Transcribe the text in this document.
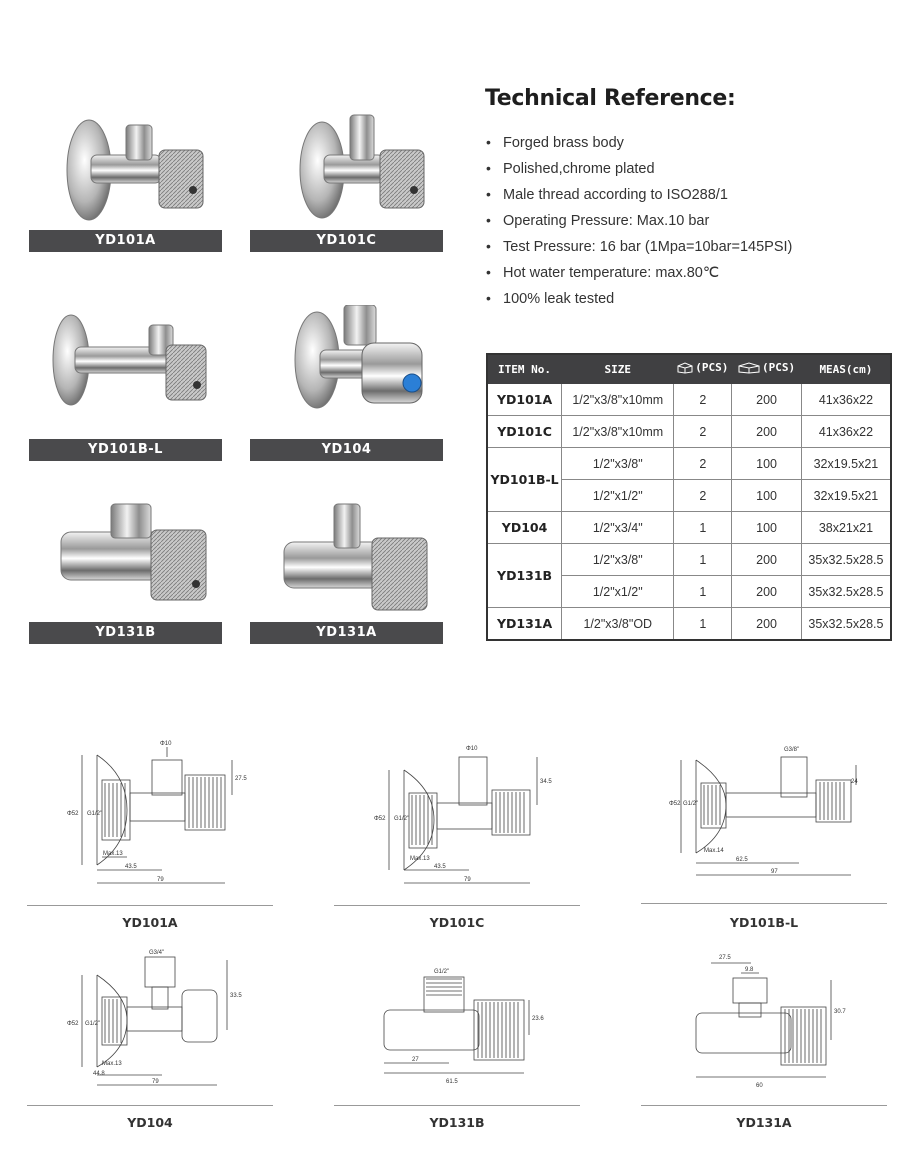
YD101A	YD101C
YD101B-L	YD104
YD131B	YD131A
Technical Reference:
• Forged brass body
• Polished,chrome plated
• Male thread according to ISO288/1
• Operating Pressure: Max.10 bar
• Test Pressure: 16 bar (1Mpa=10bar=145PSI)
• Hot water temperature: max.80℃
• 100% leak tested
ITEM No.	SIZE	(PCS)	(PCS)	MEAS(cm)
YD101A	1/2"x3/8"x10mm	2	200	41x36x22
YD101C	1/2"x3/8"x10mm	2	200	41x36x22
YD101B-L	1/2"x3/8"	2	100	32x19.5x21
	1/2"x1/2"	2	100	32x19.5x21
YD104	1/2"x3/4"	1	100	38x21x21
YD131B	1/2"x3/8"	1	200	35x32.5x28.5
	1/2"x1/2"	1	200	35x32.5x28.5
YD131A	1/2"x3/8"OD	1	200	35x32.5x28.5
Φ10
27.5
Φ52 G1/2"
Max.13
43.5
79
YD101A
Φ10
34.5
Φ52 G1/2"
Max.13
43.5
79
YD101C
G3/8"
24
Φ52 G1/2"
Max.14
62.5
97
YD101B-L
G3/4"
33.5
Φ52 G1/2"
Max.13
44.8
79
YD104
G1/2"
23.6
27
61.5
YD131B
27.5
30.7
9.8
60
YD131A
